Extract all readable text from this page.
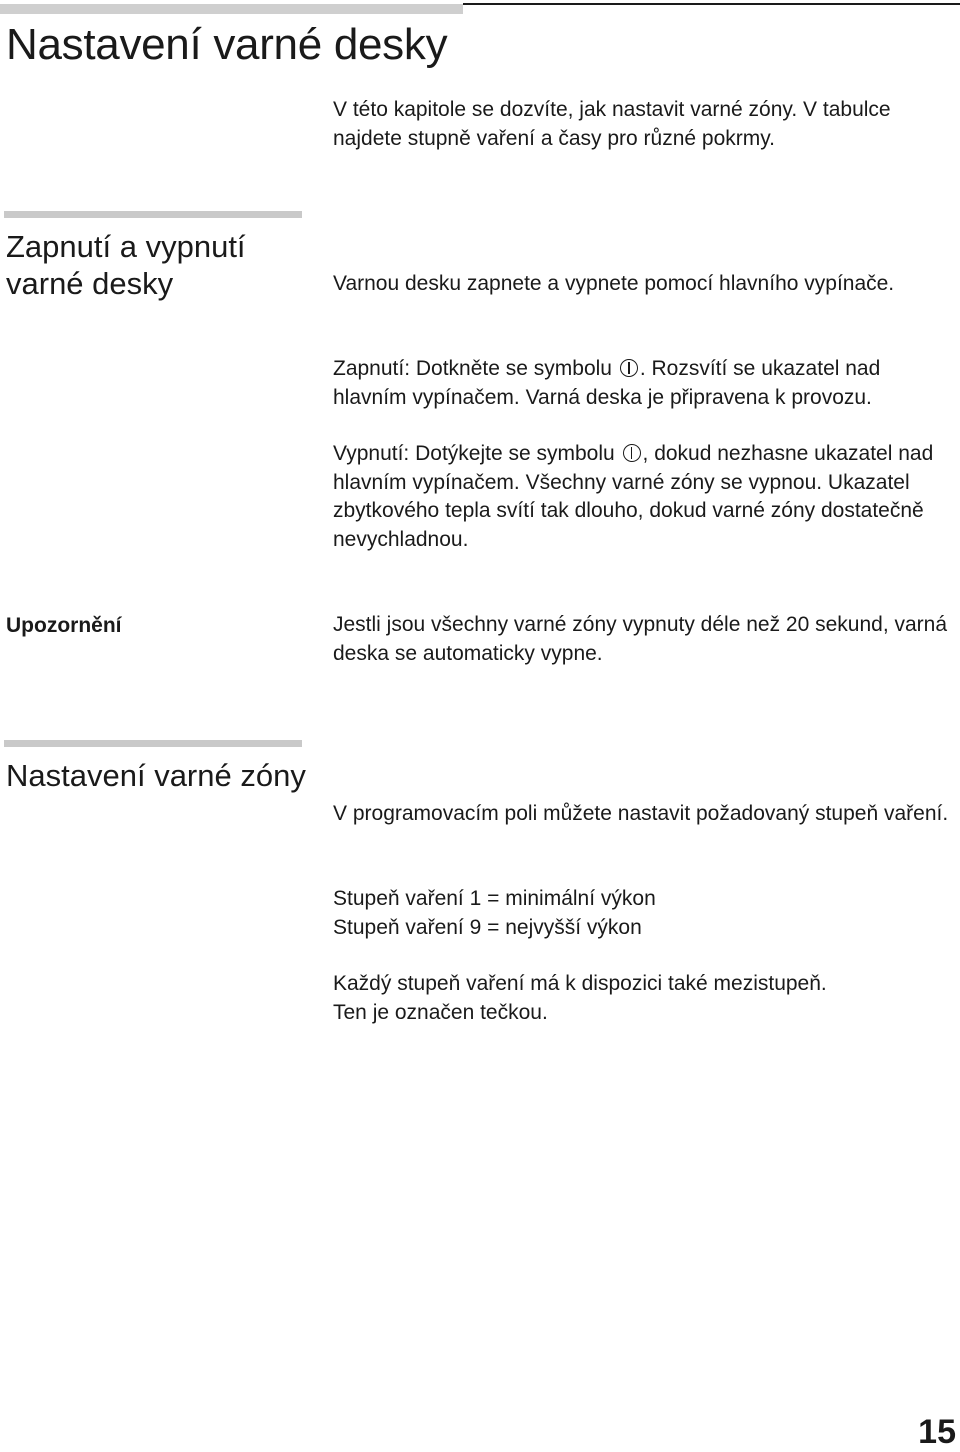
Nastavení varné desky

V této kapitole se dozvíte, jak nastavit varné zóny. V tabulce najdete stupně vaření a časy pro různé pokrmy.

Zapnutí a vypnutí varné desky	Varnou desku zapnete a vypnete pomocí hlavního vypínače.

Zapnutí: Dotkněte se symbolu . Rozsvítí se ukazatel nad hlavním vypínačem. Varná deska je připravena k provozu.

Vypnutí: Dotýkejte se symbolu , dokud nezhasne ukazatel nad hlavním vypínačem. Všechny varné zóny se vypnou. Ukazatel zbytkového tepla svítí tak dlouho, dokud varné zóny dostatečně nevychladnou.

Upozornění	Jestli jsou všechny varné zóny vypnuty déle než 20 sekund, varná deska se automaticky vypne.

Nastavení varné zóny

V programovacím poli můžete nastavit požadovaný stupeň vaření.

Stupeň vaření 1 = minimální výkon
Stupeň vaření 9 = nejvyšší výkon

Každý stupeň vaření má k dispozici také mezistupeň.
Ten je označen tečkou.

15
